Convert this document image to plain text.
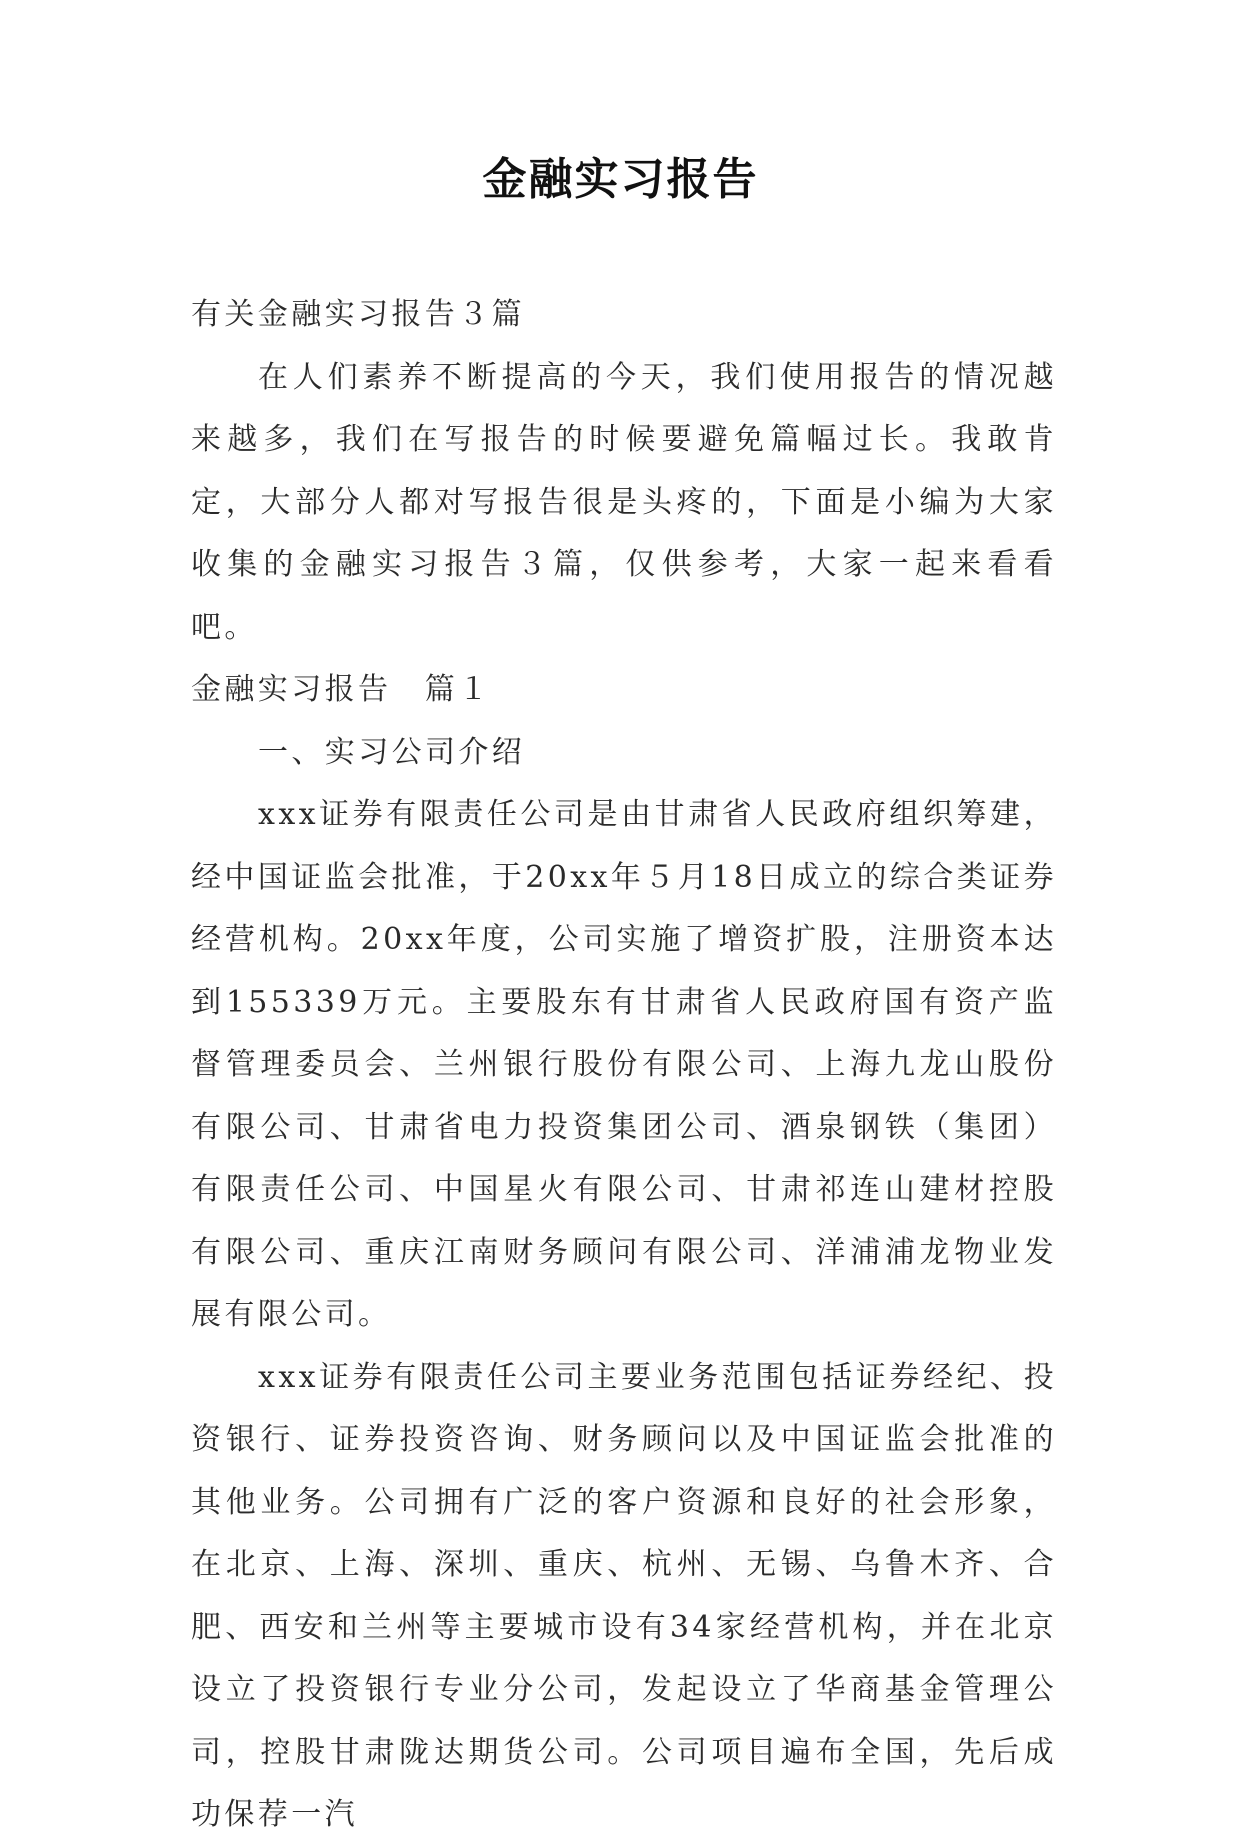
金融实习报告

有关金融实习报告３篇

在人们素养不断提高的今天，我们使用报告的情况越来越多，我们在写报告的时候要避免篇幅过长。我敢肯定，大部分人都对写报告很是头疼的，下面是小编为大家收集的金融实习报告３篇，仅供参考，大家一起来看看吧。

金融实习报告　篇１

一、实习公司介绍

xxx证券有限责任公司是由甘肃省人民政府组织筹建，经中国证监会批准，于20xx年５月18日成立的综合类证券经营机构。20xx年度，公司实施了增资扩股，注册资本达到155339万元。主要股东有甘肃省人民政府国有资产监督管理委员会、兰州银行股份有限公司、上海九龙山股份有限公司、甘肃省电力投资集团公司、酒泉钢铁（集团）有限责任公司、中国星火有限公司、甘肃祁连山建材控股有限公司、重庆江南财务顾问有限公司、洋浦浦龙物业发展有限公司。

xxx证券有限责任公司主要业务范围包括证券经纪、投资银行、证券投资咨询、财务顾问以及中国证监会批准的其他业务。公司拥有广泛的客户资源和良好的社会形象，在北京、上海、深圳、重庆、杭州、无锡、乌鲁木齐、合肥、西安和兰州等主要城市设有34家经营机构，并在北京设立了投资银行专业分公司，发起设立了华商基金管理公司，控股甘肃陇达期货公司。公司项目遍布全国，先后成功保荐一汽
